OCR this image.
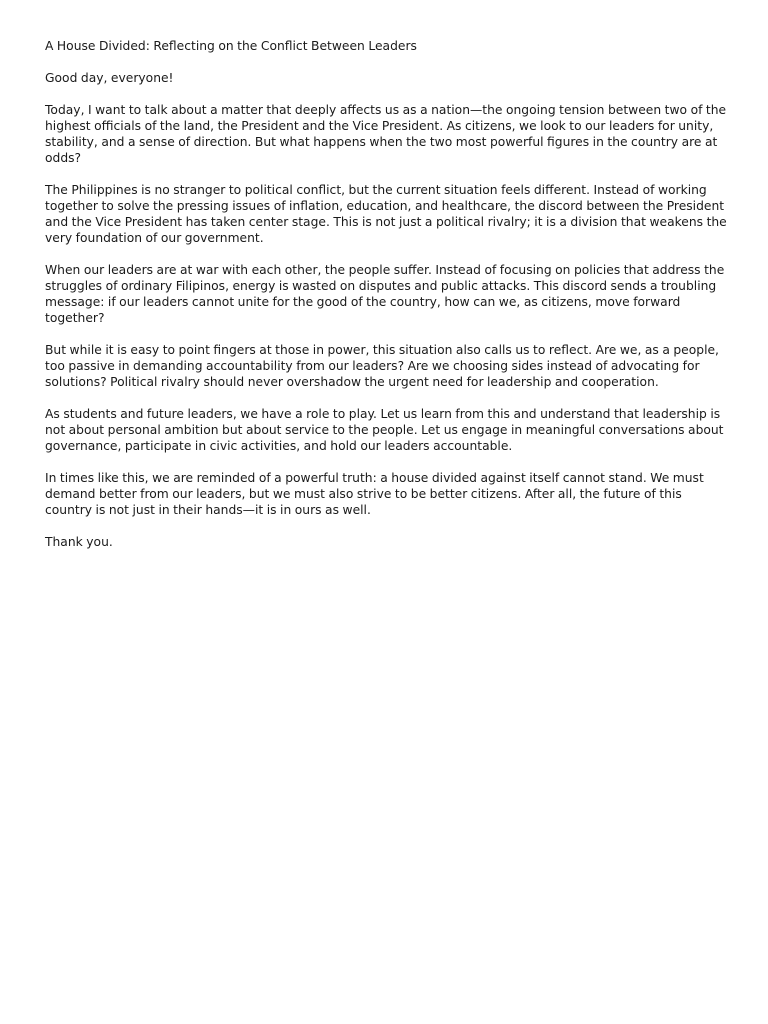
A House Divided: Reflecting on the Conflict Between Leaders

Good day, everyone!

Today, I want to talk about a matter that deeply affects us as a nation—the ongoing tension between two of the highest officials of the land, the President and the Vice President. As citizens, we look to our leaders for unity, stability, and a sense of direction. But what happens when the two most powerful figures in the country are at odds?

The Philippines is no stranger to political conflict, but the current situation feels different. Instead of working together to solve the pressing issues of inflation, education, and healthcare, the discord between the President and the Vice President has taken center stage. This is not just a political rivalry; it is a division that weakens the very foundation of our government.

When our leaders are at war with each other, the people suffer. Instead of focusing on policies that address the struggles of ordinary Filipinos, energy is wasted on disputes and public attacks. This discord sends a troubling message: if our leaders cannot unite for the good of the country, how can we, as citizens, move forward together?

But while it is easy to point fingers at those in power, this situation also calls us to reflect. Are we, as a people, too passive in demanding accountability from our leaders? Are we choosing sides instead of advocating for solutions? Political rivalry should never overshadow the urgent need for leadership and cooperation.

As students and future leaders, we have a role to play. Let us learn from this and understand that leadership is not about personal ambition but about service to the people. Let us engage in meaningful conversations about governance, participate in civic activities, and hold our leaders accountable.

In times like this, we are reminded of a powerful truth: a house divided against itself cannot stand. We must demand better from our leaders, but we must also strive to be better citizens. After all, the future of this country is not just in their hands—it is in ours as well.

Thank you.
